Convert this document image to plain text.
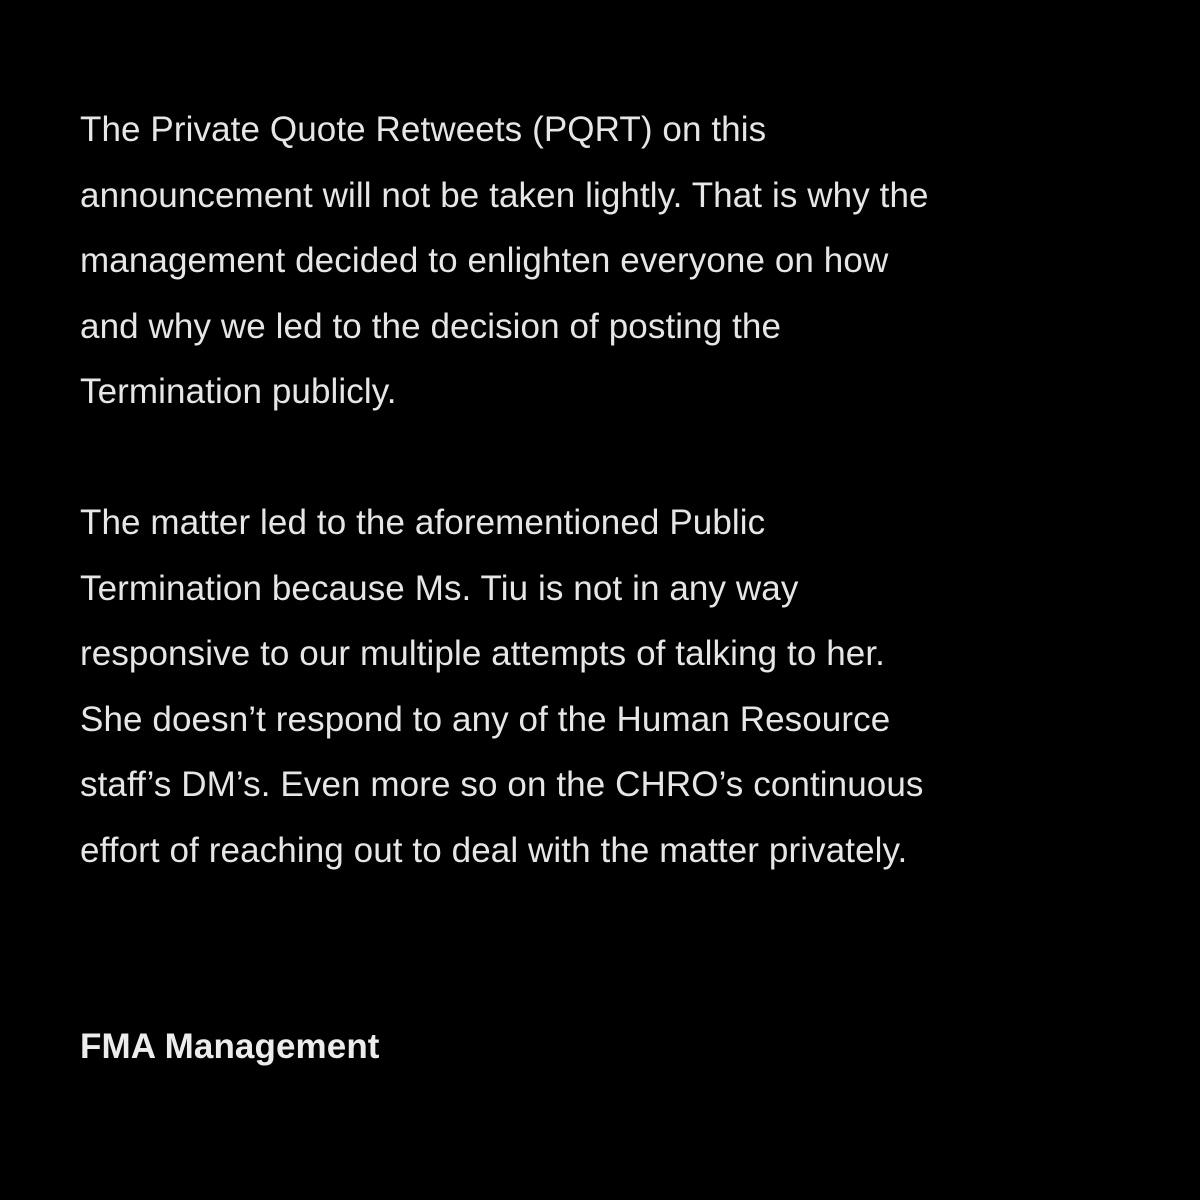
The Private Quote Retweets (PQRT) on this
announcement will not be taken lightly. That is why the
management decided to enlighten everyone on how
and why we led to the decision of posting the
Termination publicly.
The matter led to the aforementioned Public
Termination because Ms. Tiu is not in any way
responsive to our multiple attempts of talking to her.
She doesn’t respond to any of the Human Resource
staff’s DM’s. Even more so on the CHRO’s continuous
effort of reaching out to deal with the matter privately.
FMA Management
